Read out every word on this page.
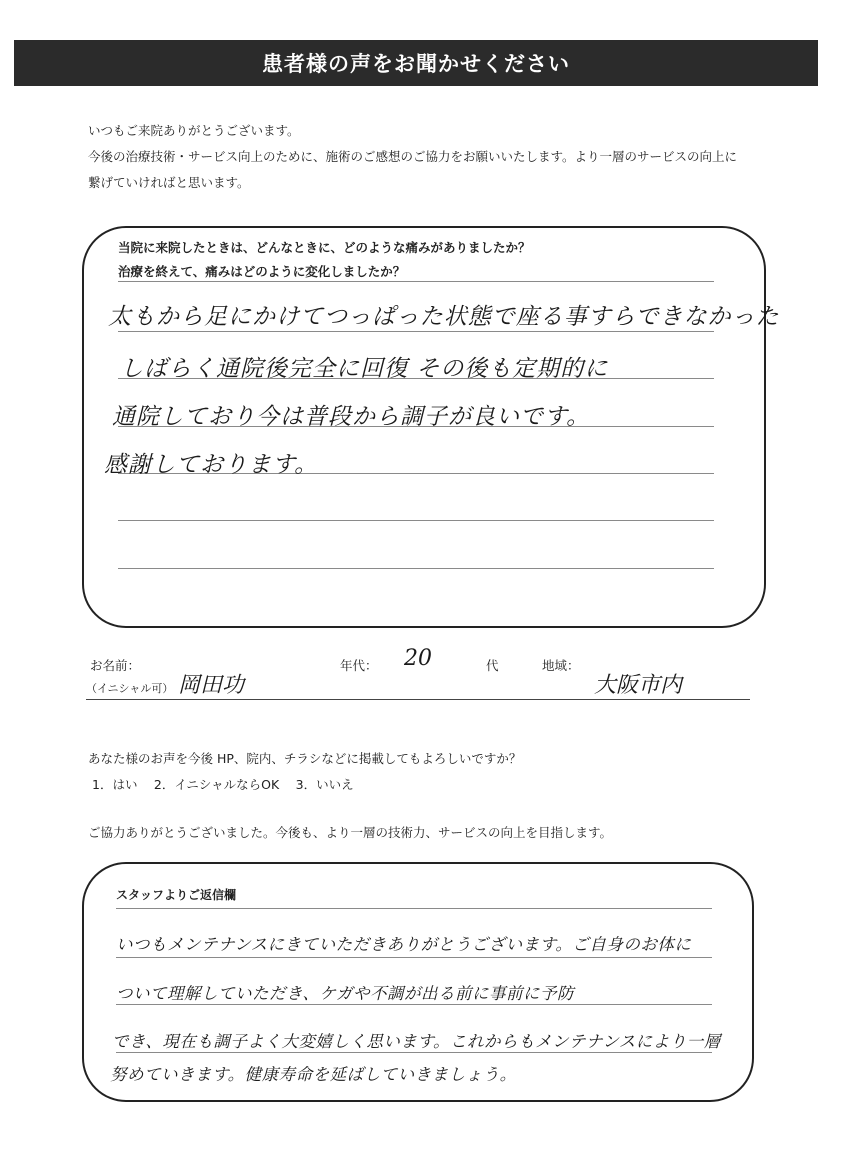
患者様の声をお聞かせください
いつもご来院ありがとうございます。
今後の治療技術・サービス向上のために、施術のご感想のご協力をお願いいたします。より一層のサービスの向上に
繋げていければと思います。
当院に来院したときは、どんなときに、どのような痛みがありましたか？
治療を終えて、痛みはどのように変化しましたか？
太もから足にかけてつっぱった状態で座る事すらできなかった
しばらく通院後完全に回復 その後も定期的に
通院しており今は普段から調子が良いです。
感謝しております。
お名前：
（イニシャル可） 岡田功
年代： 20	代	地域：
大阪市内
あなた様のお声を今後 HP、院内、チラシなどに掲載してもよろしいですか？
1．はい　 2．イニシャルならOK　 3．いいえ
ご協力ありがとうございました。今後も、より一層の技術力、サービスの向上を目指します。
スタッフよりご返信欄
いつもメンテナンスにきていただきありがとうございます。ご自身のお体に
ついて理解していただき、ケガや不調が出る前に事前に予防
でき、現在も調子よく大変嬉しく思います。これからもメンテナンスにより一層
努めていきます。健康寿命を延ばしていきましょう。
